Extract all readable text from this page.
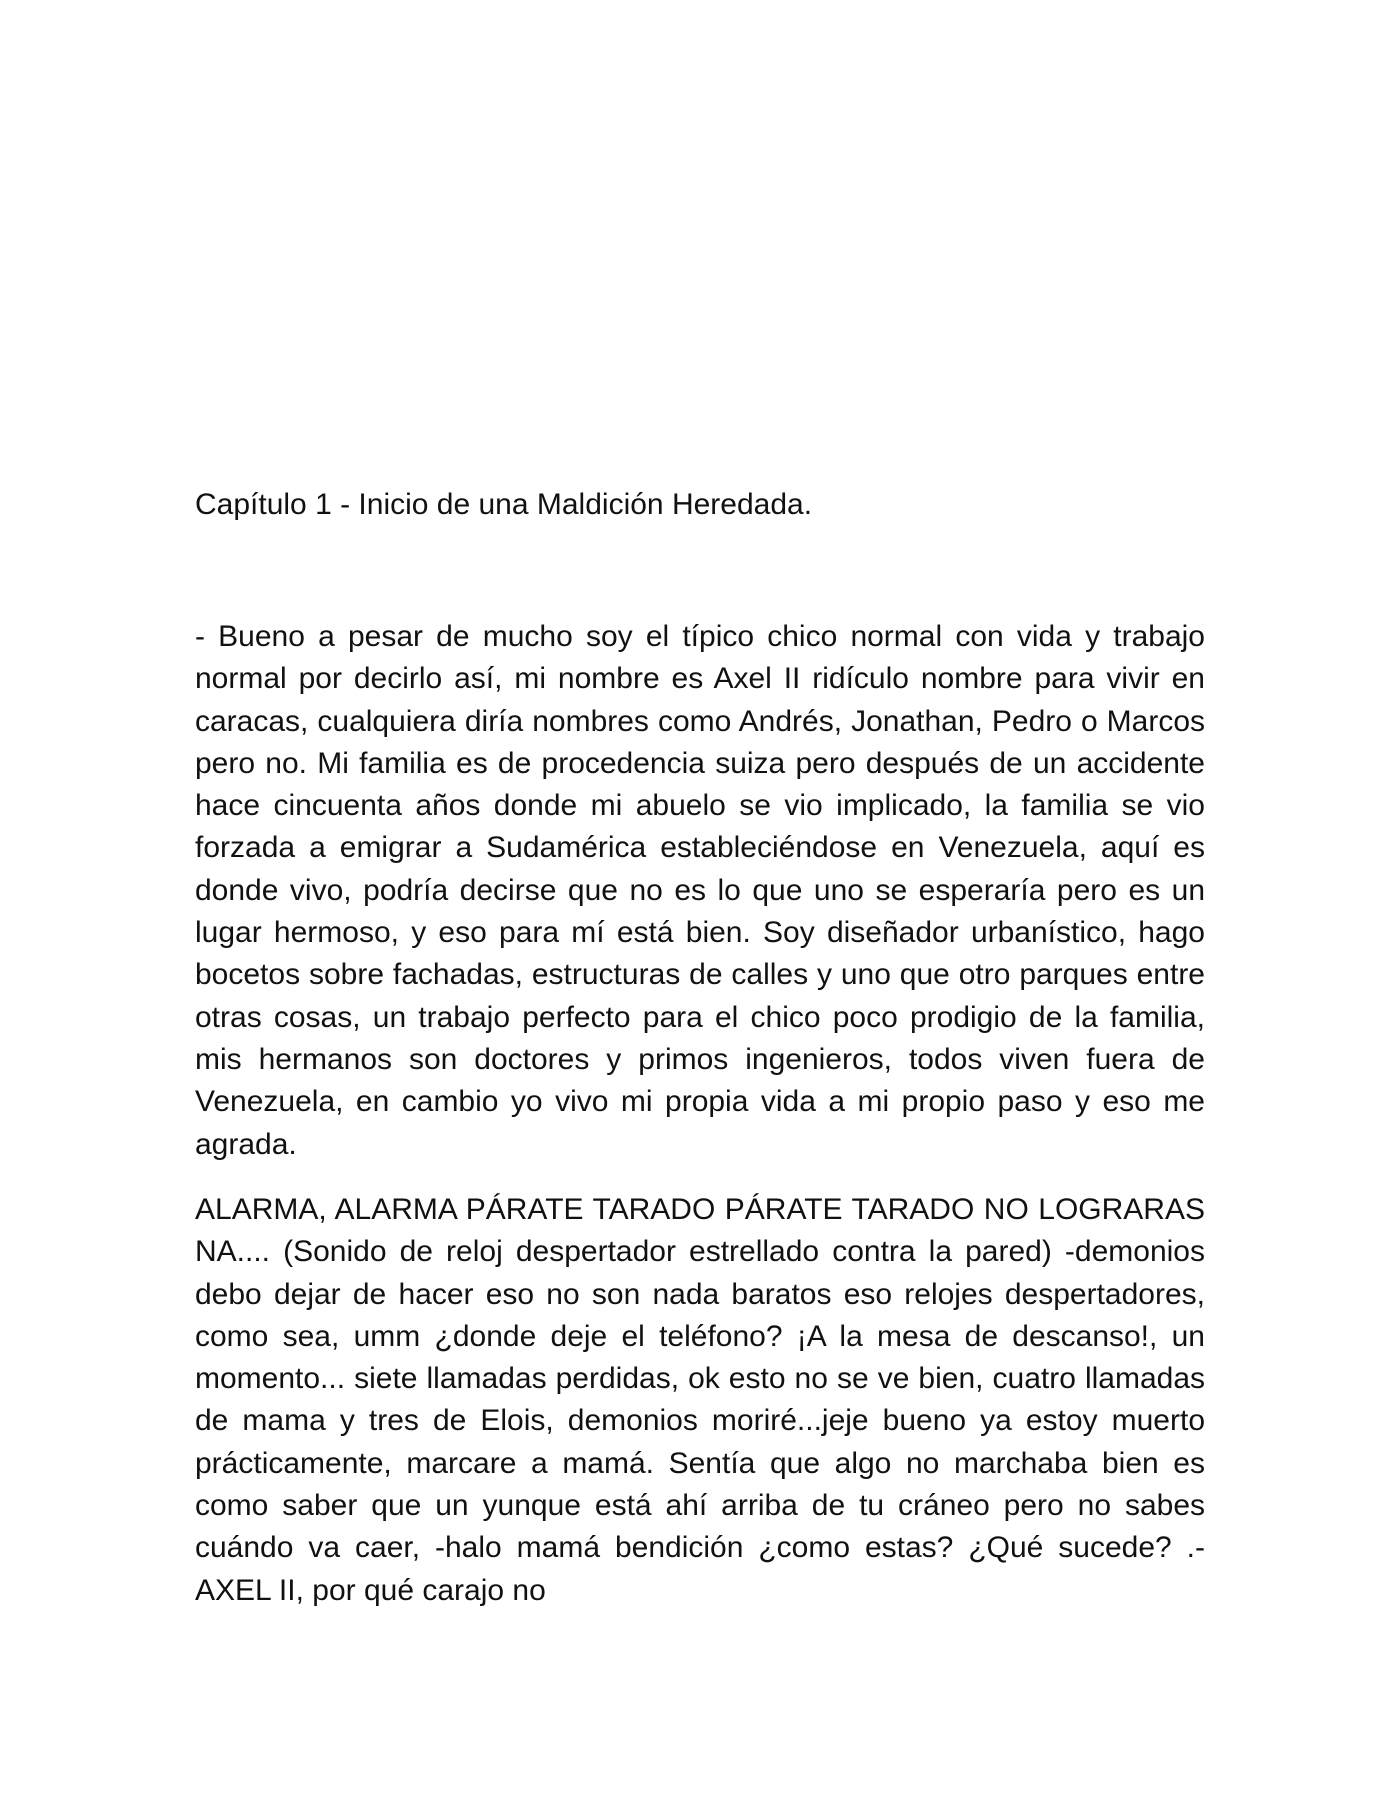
Capítulo 1 - Inicio de una Maldición Heredada.

- Bueno a pesar de mucho soy el típico chico normal con vida y trabajo normal por decirlo así, mi nombre es Axel II ridículo nombre para vivir en caracas, cualquiera diría nombres como Andrés, Jonathan, Pedro o Marcos pero no. Mi familia es de procedencia suiza pero después de un accidente hace cincuenta años donde mi abuelo se vio implicado, la familia se vio forzada a emigrar a Sudamérica estableciéndose en Venezuela, aquí es donde vivo, podría decirse que no es lo que uno se esperaría pero es un lugar hermoso, y eso para mí está bien. Soy diseñador urbanístico, hago bocetos sobre fachadas, estructuras de calles y uno que otro parques entre otras cosas, un trabajo perfecto para el chico poco prodigio de la familia, mis hermanos son doctores y primos ingenieros, todos viven fuera de Venezuela, en cambio yo vivo mi propia vida a mi propio paso y eso me agrada.

ALARMA, ALARMA PÁRATE TARADO PÁRATE TARADO NO LOGRARAS NA.... (Sonido de reloj despertador estrellado contra la pared) -demonios debo dejar de hacer eso no son nada baratos eso relojes despertadores, como sea, umm ¿donde deje el teléfono? ¡A la mesa de descanso!, un momento... siete llamadas perdidas, ok esto no se ve bien, cuatro llamadas de mama y tres de Elois, demonios moriré...jeje bueno ya estoy muerto prácticamente, marcare a mamá. Sentía que algo no marchaba bien es como saber que un yunque está ahí arriba de tu cráneo pero no sabes cuándo va caer, -halo mamá bendición ¿como estas? ¿Qué sucede? .-AXEL II, por qué carajo no
